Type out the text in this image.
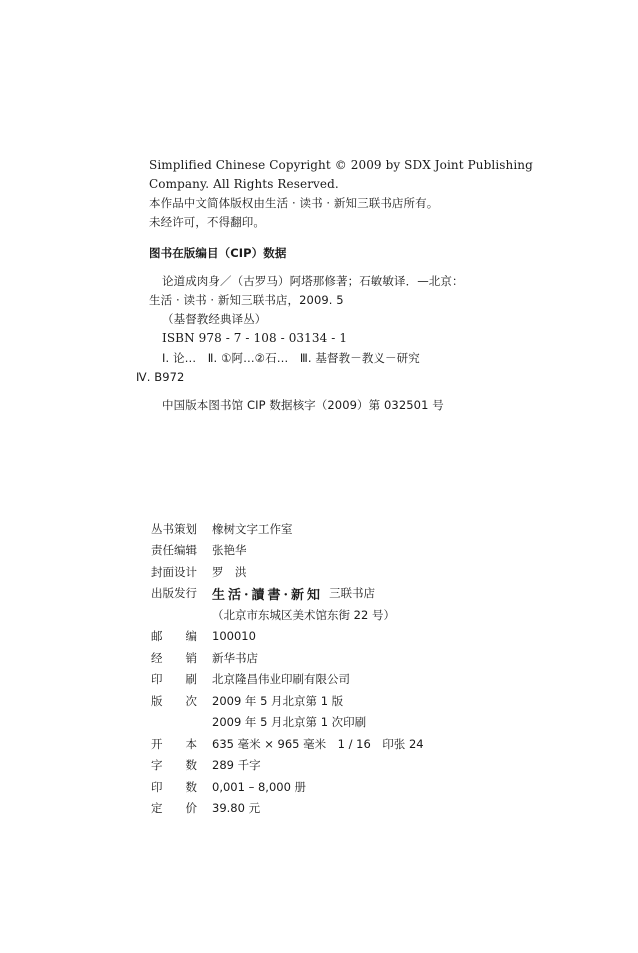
Simplified Chinese Copyright © 2009 by SDX Joint Publishing
Company. All Rights Reserved.
本作品中文简体版权由生活 · 读书 · 新知三联书店所有。
未经许可，不得翻印。
图书在版编目（CIP）数据
论道成肉身／（古罗马）阿塔那修著；石敏敏译．—北京：
生活 · 读书 · 新知三联书店，2009. 5
（基督教经典译丛）
ISBN 978 - 7 - 108 - 03134 - 1
Ⅰ. 论…　Ⅱ. ①阿…②石…　Ⅲ. 基督教－教义－研究
Ⅳ. B972
中国版本图书馆 CIP 数据核字（2009）第 032501 号
丛书策划	橡树文字工作室
责任编辑	张艳华
封面设计	罗　洪
出版发行	生活·讀書·新知 三联书店
（北京市东城区美术馆东街 22 号）
邮　　编	100010
经　　销	新华书店
印　　刷	北京隆昌伟业印刷有限公司
版　　次	2009 年 5 月北京第 1 版
2009 年 5 月北京第 1 次印刷
开　　本	635 毫米 × 965 毫米　1 / 16　印张 24
字　　数	289 千字
印　　数	0,001 – 8,000 册
定　　价	39.80 元
